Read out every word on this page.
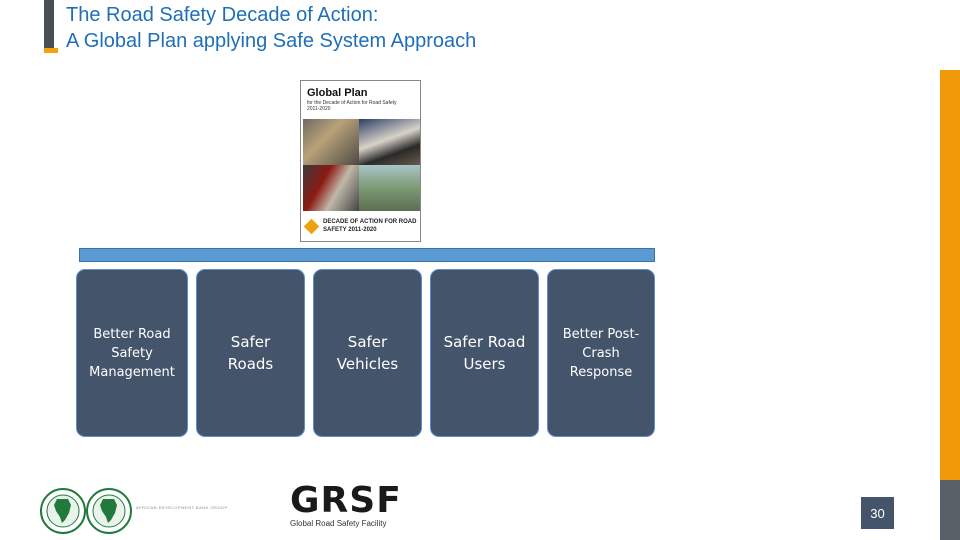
The Road Safety Decade of Action:
A Global Plan applying Safe System Approach
Global Plan
for the Decade of Action for Road Safety 2011-2020
DECADE OF ACTION FOR ROAD SAFETY 2011-2020
Better Road Safety Management
Safer Roads
Safer Vehicles
Safer Road Users
Better Post-Crash Response
AFRICAN DEVELOPMENT BANK GROUP GRSF
Global Road Safety Facility
30
